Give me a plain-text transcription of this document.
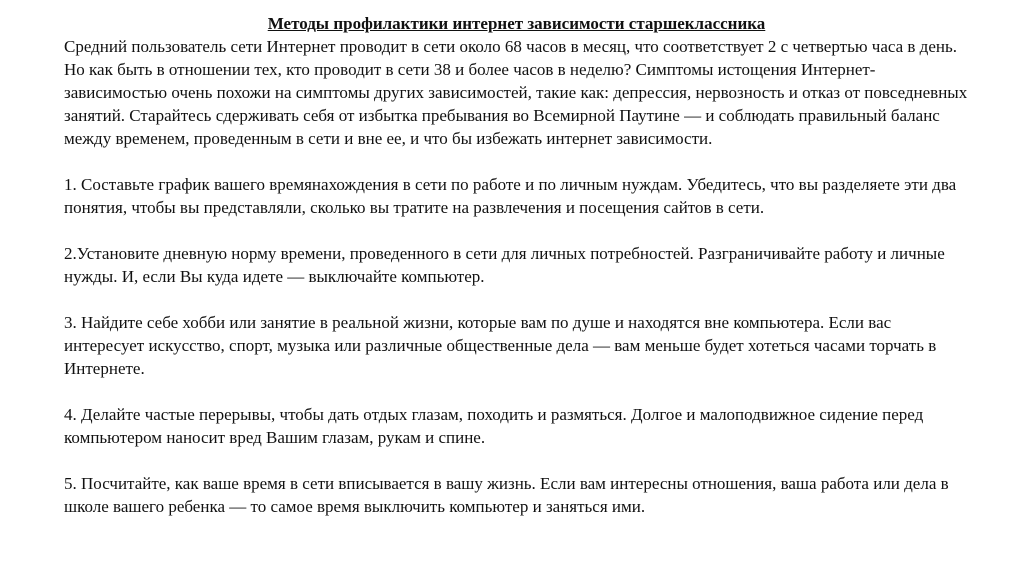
Методы профилактики интернет зависимости старшеклассника

Средний пользователь сети Интернет проводит в сети около 68 часов в месяц, что соответствует 2 с четвертью часа в день. Но как быть в отношении тех, кто проводит в сети 38 и более часов в неделю? Симптомы истощения Интернет-зависимостью очень похожи на симптомы других зависимостей, такие как: депрессия, нервозность и отказ от повседневных занятий. Старайтесь сдерживать себя от избытка пребывания во Всемирной Паутине — и соблюдать правильный баланс между временем, проведенным в сети и вне ее, и что бы избежать интернет зависимости.

1. Составьте график вашего времянахождения в сети по работе и по личным нуждам. Убедитесь, что вы разделяете эти два понятия, чтобы вы представляли, сколько вы тратите на развлечения и посещения сайтов в сети.

2.Установите дневную норму времени, проведенного в сети для личных потребностей. Разграничивайте работу и личные нужды. И, если Вы куда идете — выключайте компьютер.

3. Найдите себе хобби или занятие в реальной жизни, которые вам по душе и находятся вне компьютера. Если вас интересует искусство, спорт, музыка или различные общественные дела — вам меньше будет хотеться часами торчать в Интернете.

4. Делайте частые перерывы, чтобы дать отдых глазам, походить и размяться. Долгое и малоподвижное сидение перед компьютером наносит вред Вашим глазам, рукам и спине.

5. Посчитайте, как ваше время в сети вписывается в вашу жизнь. Если вам интересны отношения, ваша работа или дела в школе вашего ребенка — то самое время выключить компьютер и заняться ими.
